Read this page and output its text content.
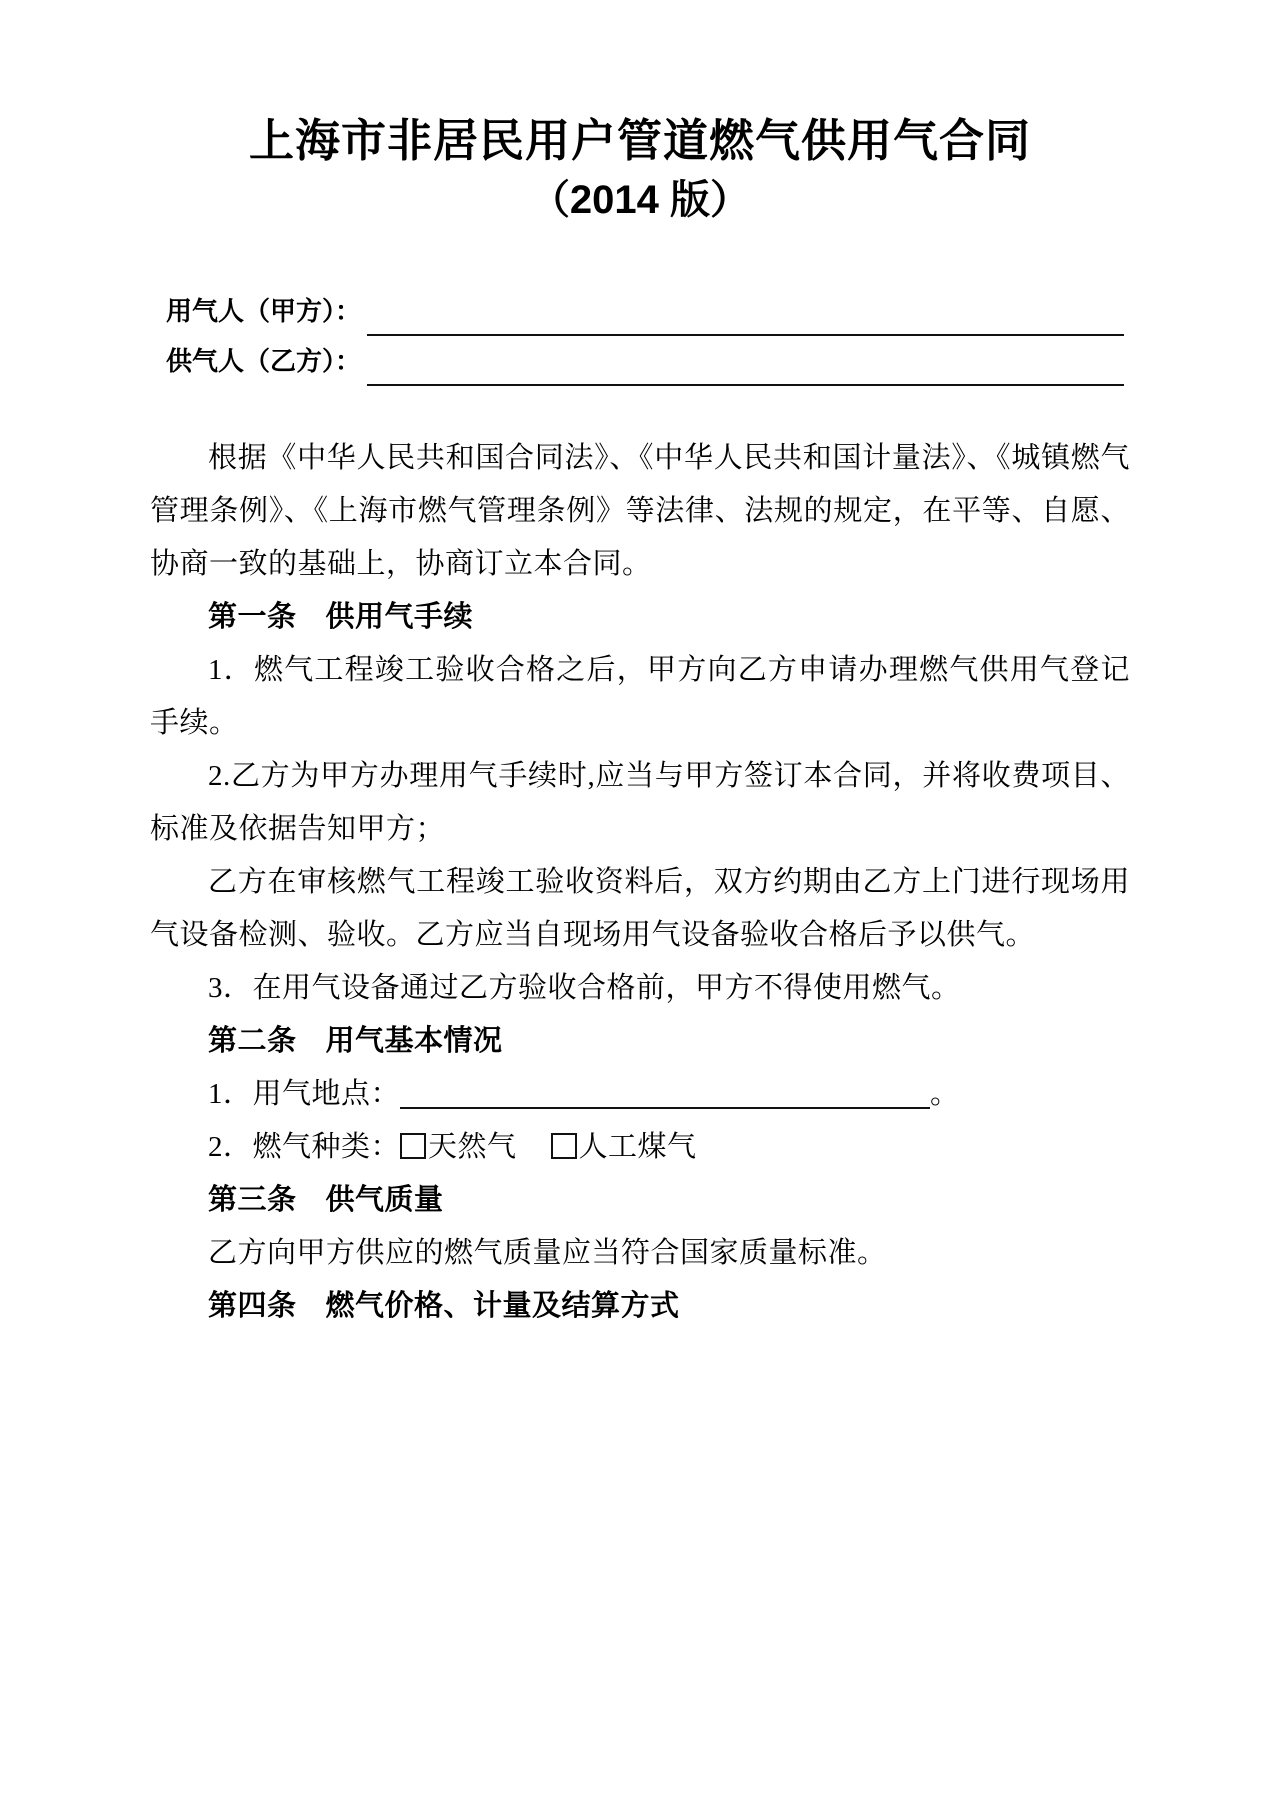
上海市非居民用户管道燃气供用气合同
（2014 版）
用气人（甲方）：
供气人（乙方）：

根据《中华人民共和国合同法》、《中华人民共和国计量法》、《城镇燃气管理条例》、《上海市燃气管理条例》等法律、法规的规定，在平等、自愿、协商一致的基础上，协商订立本合同。

第一条 供用气手续

1．燃气工程竣工验收合格之后，甲方向乙方申请办理燃气供用气登记手续。

2.乙方为甲方办理用气手续时,应当与甲方签订本合同，并将收费项目、标准及依据告知甲方；

乙方在审核燃气工程竣工验收资料后，双方约期由乙方上门进行现场用气设备检测、验收。乙方应当自现场用气设备验收合格后予以供气。

3．在用气设备通过乙方验收合格前，甲方不得使用燃气。

第二条 用气基本情况

1．用气地点：	。

2．燃气种类： 天然气 人工煤气

第三条 供气质量

乙方向甲方供应的燃气质量应当符合国家质量标准。

第四条 燃气价格、计量及结算方式
